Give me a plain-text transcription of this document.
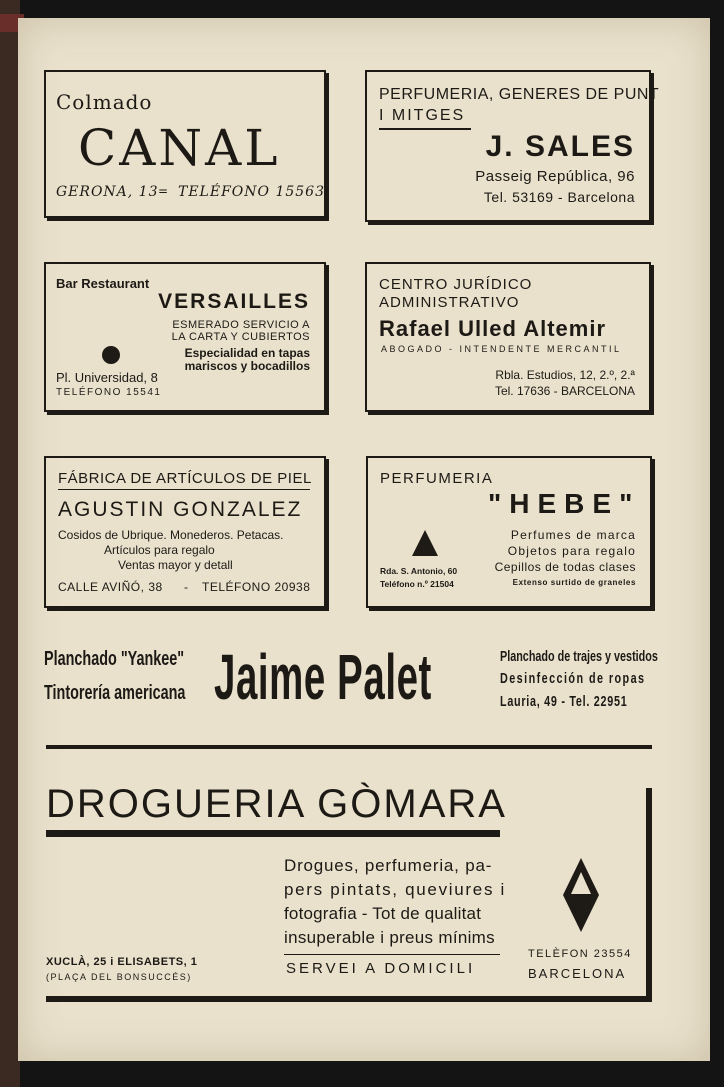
Colmado
CANAL
GERONA, 13 = TELÉFONO 15563
PERFUMERIA, GENERES DE PUNT
I MITGES
J. SALES
Passeig República, 96
Tel. 53169 - Barcelona
Bar Restaurant
VERSAILLES
ESMERADO SERVICIO A
LA CARTA Y CUBIERTOS
Especialidad en tapas
mariscos y bocadillos
Pl. Universidad, 8
TELÉFONO 15541
CENTRO JURÍDICO
ADMINISTRATIVO
Rafael Ulled Altemir
ABOGADO - INTENDENTE MERCANTIL
Rbla. Estudios, 12, 2.º, 2.ª
Tel. 17636 - BARCELONA
FÁBRICA DE ARTÍCULOS DE PIEL
AGUSTIN GONZALEZ
Cosidos de Ubrique. Monederos. Petacas.
Artículos para regalo
Ventas mayor y detall
CALLE AVIÑÓ, 38 - TELÉFONO 20938
PERFUMERIA
"HEBE"
Perfumes de marca
Objetos para regalo
Cepillos de todas clases
Extenso surtido de graneles
Rda. S. Antonio, 60
Teléfono n.º 21504
Planchado "Yankee"
Tintorería americana Jaime Palet	Planchado de trajes y vestidos
Desinfección de ropas
Lauria, 49 - Tel. 22951
DROGUERIA GÒMARA
Drogues, perfumeria, pa-
pers pintats, queviures i
fotografia - Tot de qualitat
insuperable i preus mínims
SERVEI A DOMICILI
XUCLÀ, 25 i ELISABETS, 1
(PLAÇA DEL BONSUCCÉS)
TELÈFON 23554
BARCELONA
